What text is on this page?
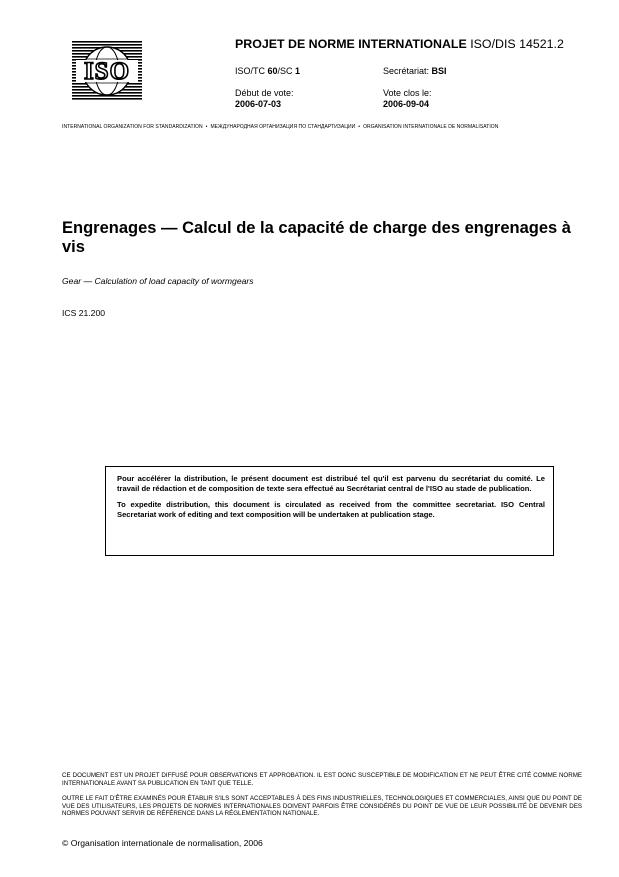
ISO
PROJET DE NORME INTERNATIONALE ISO/DIS 14521.2
ISO/TC 60/SC 1	Secrétariat: BSI
Début de vote:
2006-07-03
Vote clos le:
2006-09-04
INTERNATIONAL ORGANIZATION FOR STANDARDIZATION • МЕЖДУНАРОДНАЯ ОРГАНИЗАЦИЯ ПО СТАНДАРТИЗАЦИИ • ORGANISATION INTERNATIONALE DE NORMALISATION
Engrenages — Calcul de la capacité de charge des engrenages à vis
Gear — Calculation of load capacity of wormgears
ICS 21.200

Pour accélérer la distribution, le présent document est distribué tel qu'il est parvenu du secrétariat du comité. Le travail de rédaction et de composition de texte sera effectué au Secrétariat central de l'ISO au stade de publication.

To expedite distribution, this document is circulated as received from the committee secretariat. ISO Central Secretariat work of editing and text composition will be undertaken at publication stage.

CE DOCUMENT EST UN PROJET DIFFUSÉ POUR OBSERVATIONS ET APPROBATION. IL EST DONC SUSCEPTIBLE DE MODIFICATION ET NE PEUT ÊTRE CITÉ COMME NORME INTERNATIONALE AVANT SA PUBLICATION EN TANT QUE TELLE.
OUTRE LE FAIT D'ÊTRE EXAMINÉS POUR ÉTABLIR S'ILS SONT ACCEPTABLES À DES FINS INDUSTRIELLES, TECHNOLOGIQUES ET COMMERCIALES, AINSI QUE DU POINT DE VUE DES UTILISATEURS, LES PROJETS DE NORMES INTERNATIONALES DOIVENT PARFOIS ÊTRE CONSIDÉRÉS DU POINT DE VUE DE LEUR POSSIBILITÉ DE DEVENIR DES NORMES POUVANT SERVIR DE RÉFÉRENCE DANS LA RÉGLEMENTATION NATIONALE.
© Organisation internationale de normalisation, 2006
